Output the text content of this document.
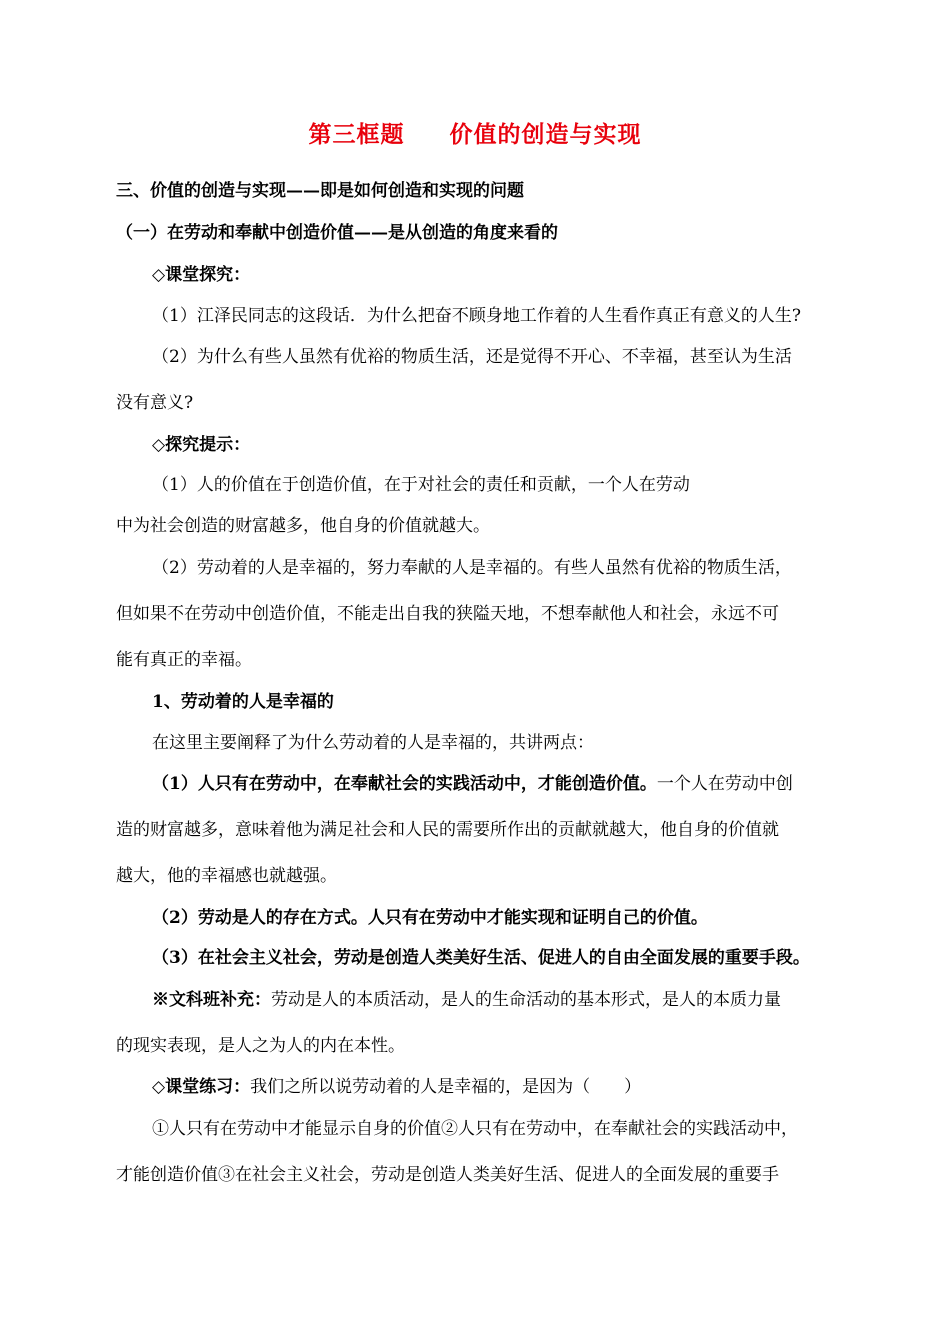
第三框题     价值的创造与实现
三、价值的创造与实现——即是如何创造和实现的问题
（一）在劳动和奉献中创造价值——是从创造的角度来看的
◇课堂探究：
（1）江泽民同志的这段话．为什么把奋不顾身地工作着的人生看作真正有意义的人生?
（2）为什么有些人虽然有优裕的物质生活，还是觉得不开心、不幸福，甚至认为生活
没有意义?
◇探究提示：
（1）人的价值在于创造价值，在于对社会的责任和贡献，一个人在劳动
中为社会创造的财富越多，他自身的价值就越大。
（2）劳动着的人是幸福的，努力奉献的人是幸福的。有些人虽然有优裕的物质生活，
但如果不在劳动中创造价值，不能走出自我的狭隘天地，不想奉献他人和社会，永远不可
能有真正的幸福。
1、劳动着的人是幸福的
在这里主要阐释了为什么劳动着的人是幸福的，共讲两点：
（1）人只有在劳动中，在奉献社会的实践活动中，才能创造价值。一个人在劳动中创
造的财富越多，意味着他为满足社会和人民的需要所作出的贡献就越大，他自身的价值就
越大，他的幸福感也就越强。
（2）劳动是人的存在方式。人只有在劳动中才能实现和证明自己的价值。
（3）在社会主义社会，劳动是创造人类美好生活、促进人的自由全面发展的重要手段。
※文科班补充：劳动是人的本质活动，是人的生命活动的基本形式，是人的本质力量
的现实表现，是人之为人的内在本性。
◇课堂练习：我们之所以说劳动着的人是幸福的，是因为（　　）
①人只有在劳动中才能显示自身的价值②人只有在劳动中，在奉献社会的实践活动中，
才能创造价值③在社会主义社会，劳动是创造人类美好生活、促进人的全面发展的重要手
